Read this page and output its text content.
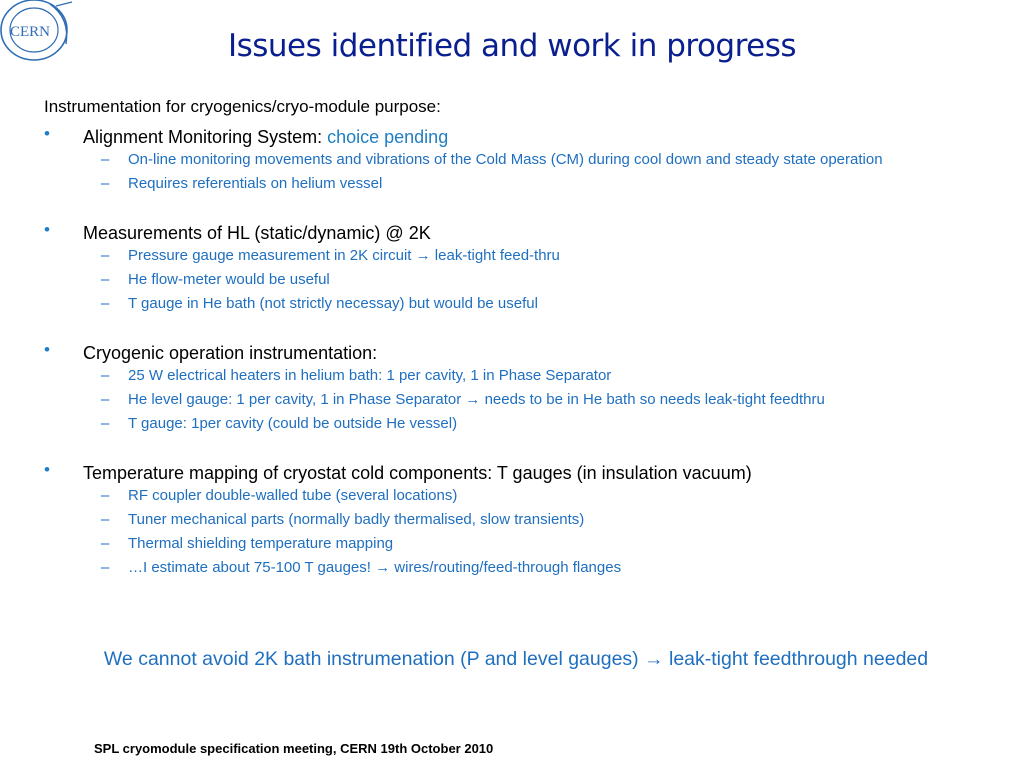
CERN	Issues identified and work in progress
Instrumentation for cryogenics/cryo-module purpose:
• Alignment Monitoring System: choice pending
– On-line monitoring movements and vibrations of the Cold Mass (CM) during cool down and steady state operation
– Requires referentials on helium vessel
• Measurements of HL (static/dynamic) @ 2K
– Pressure gauge measurement in 2K circuit → leak-tight feed-thru
– He flow-meter would be useful
– T gauge in He bath (not strictly necessay) but would be useful
• Cryogenic operation instrumentation:
– 25 W electrical heaters in helium bath: 1 per cavity, 1 in Phase Separator
– He level gauge: 1 per cavity, 1 in Phase Separator → needs to be in He bath so needs leak-tight feedthru
– T gauge: 1per cavity (could be outside He vessel)
• Temperature mapping of cryostat cold components: T gauges (in insulation vacuum)
– RF coupler double-walled tube (several locations)
– Tuner mechanical parts (normally badly thermalised, slow transients)
– Thermal shielding temperature mapping
– …I estimate about 75-100 T gauges! → wires/routing/feed-through flanges
We cannot avoid 2K bath instrumenation (P and level gauges) → leak-tight feedthrough needed
SPL cryomodule specification meeting, CERN 19th October 2010
